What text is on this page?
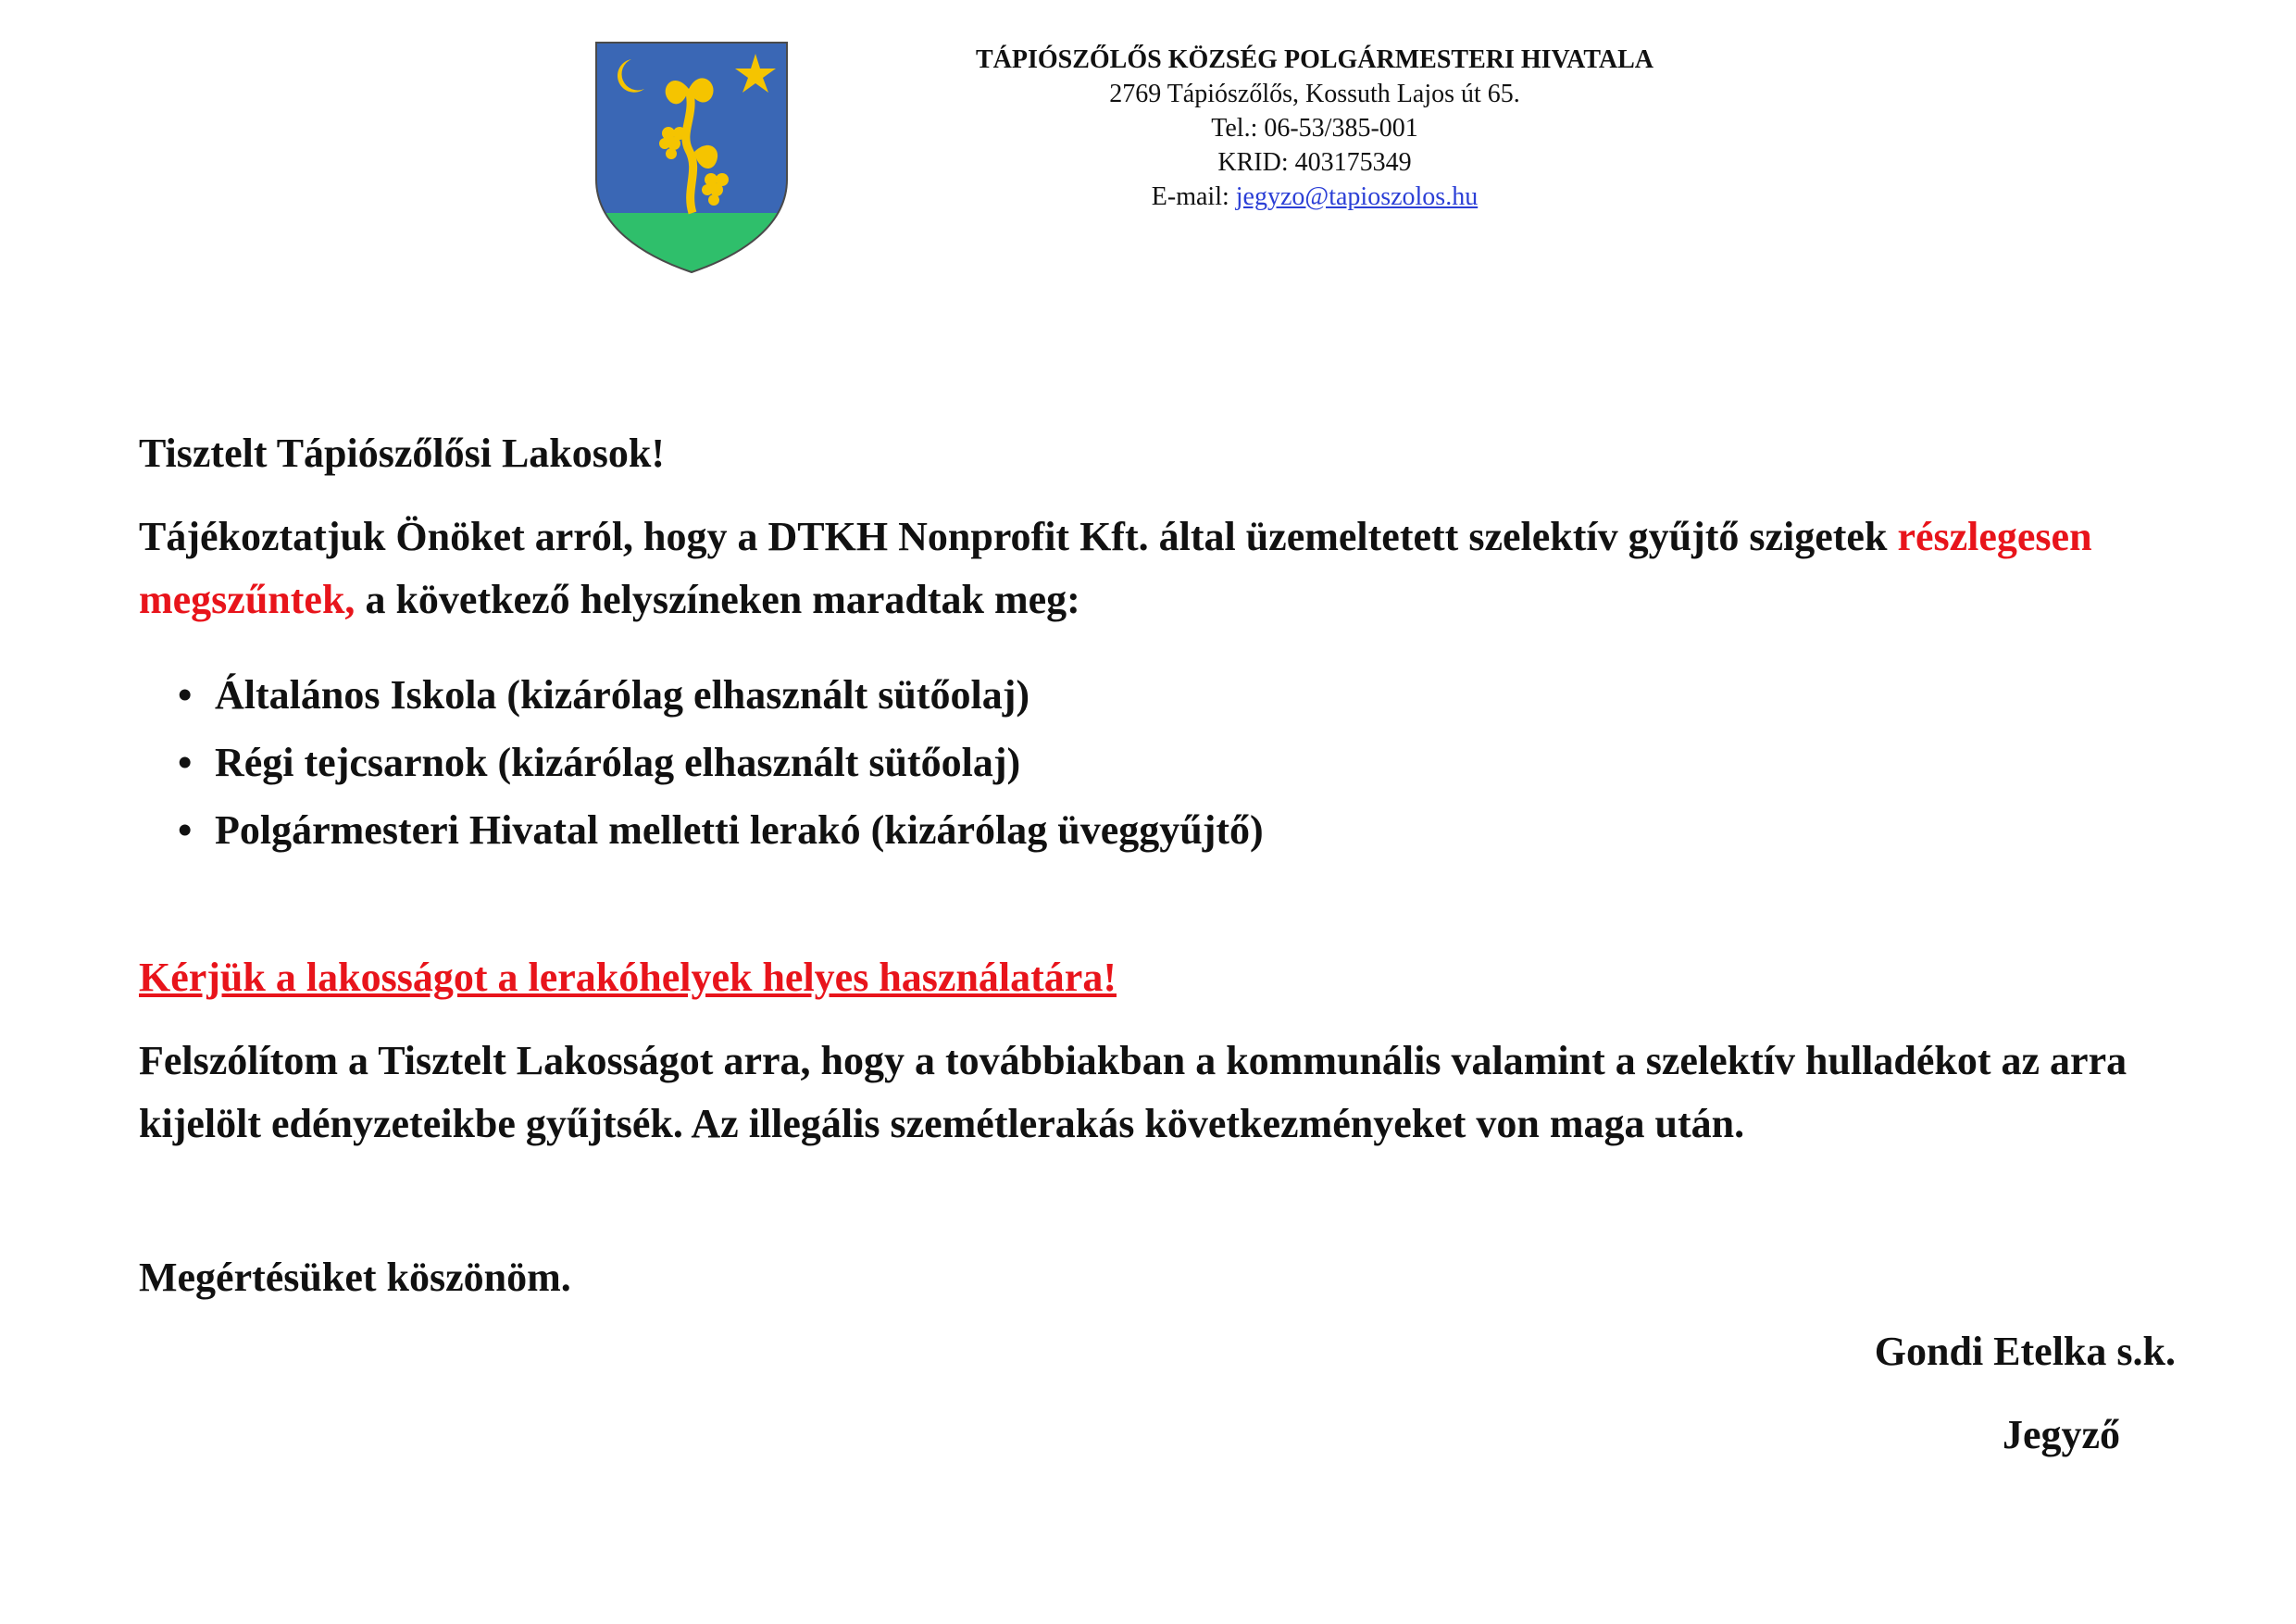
TÁPIÓSZŐLŐS KÖZSÉG POLGÁRMESTERI HIVATALA
2769 Tápiószőlős, Kossuth Lajos út 65.
Tel.: 06-53/385-001
KRID: 403175349
E-mail: jegyzo@tapioszolos.hu
Tisztelt Tápiószőlősi Lakosok!
Tájékoztatjuk Önöket arról, hogy a DTKH Nonprofit Kft. által üzemeltetett szelektív gyűjtő szigetek részlegesen megszűntek, a következő helyszíneken maradtak meg:
• Általános Iskola (kizárólag elhasznált sütőolaj)
• Régi tejcsarnok (kizárólag elhasznált sütőolaj)
• Polgármesteri Hivatal melletti lerakó (kizárólag üveggyűjtő)
Kérjük a lakosságot a lerakóhelyek helyes használatára!
Felszólítom a Tisztelt Lakosságot arra, hogy a továbbiakban a kommunális valamint a szelektív hulladékot az arra kijelölt edényzeteikbe gyűjtsék. Az illegális szemétlerakás következményeket von maga után.
Megértésüket köszönöm.
Gondi Etelka s.k.
Jegyző
